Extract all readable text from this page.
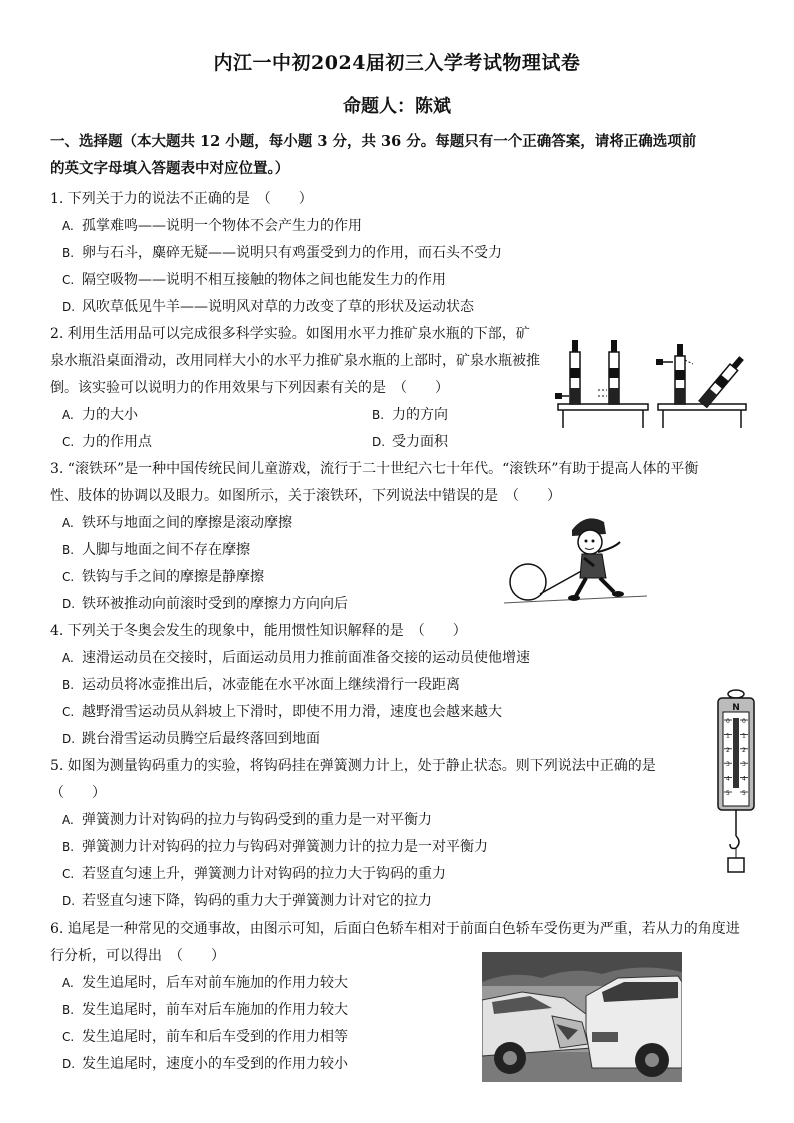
内江一中初2024届初三入学考试物理试卷
命题人：陈斌
一、选择题（本大题共 12 小题，每小题 3 分，共 36 分。每题只有一个正确答案，请将正确选项前
的英文字母填入答题表中对应位置。）
1. 下列关于力的说法不正确的是　（　　）
A. 孤掌难鸣——说明一个物体不会产生力的作用
B. 卵与石斗，麋碎无疑——说明只有鸡蛋受到力的作用，而石头不受力
C. 隔空吸物——说明不相互接触的物体之间也能发生力的作用
D. 风吹草低见牛羊——说明风对草的力改变了草的形状及运动状态
2. 利用生活用品可以完成很多科学实验。如图用水平力推矿泉水瓶的下部，矿
泉水瓶沿桌面滑动，改用同样大小的水平力推矿泉水瓶的上部时，矿泉水瓶被推
倒。该实验可以说明力的作用效果与下列因素有关的是　（　　）
A. 力的大小	B. 力的方向
C. 力的作用点	D. 受力面积
3. “滚铁环”是一种中国传统民间儿童游戏，流行于二十世纪六七十年代。“滚铁环”有助于提高人体的平衡
性、肢体的协调以及眼力。如图所示，关于滚铁环，下列说法中错误的是　（　　）
A. 铁环与地面之间的摩擦是滚动摩擦
B. 人脚与地面之间不存在摩擦
C. 铁钩与手之间的摩擦是静摩擦
D. 铁环被推动向前滚时受到的摩擦力方向向后
4. 下列关于冬奥会发生的现象中，能用惯性知识解释的是　（　　）
A. 速滑运动员在交接时，后面运动员用力推前面准备交接的运动员使他增速
B. 运动员将冰壶推出后，冰壶能在水平冰面上继续滑行一段距离
C. 越野滑雪运动员从斜坡上下滑时，即使不用力滑，速度也会越来越大
D. 跳台滑雪运动员腾空后最终落回到地面
N
0 0
1 1
2 2
3 3
4 4
5 5
5. 如图为测量钩码重力的实验，将钩码挂在弹簧测力计上，处于静止状态。则下列说法中正确的是
（　　）
A. 弹簧测力计对钩码的拉力与钩码受到的重力是一对平衡力
B. 弹簧测力计对钩码的拉力与钩码对弹簧测力计的拉力是一对平衡力
C. 若竖直匀速上升，弹簧测力计对钩码的拉力大于钩码的重力
D. 若竖直匀速下降，钩码的重力大于弹簧测力计对它的拉力
6. 追尾是一种常见的交通事故，由图示可知，后面白色轿车相对于前面白色轿车受伤更为严重，若从力的角度进
行分析，可以得出　（　　）
A. 发生追尾时，后车对前车施加的作用力较大
B. 发生追尾时，前车对后车施加的作用力较大
C. 发生追尾时，前车和后车受到的作用力相等
D. 发生追尾时，速度小的车受到的作用力较小
